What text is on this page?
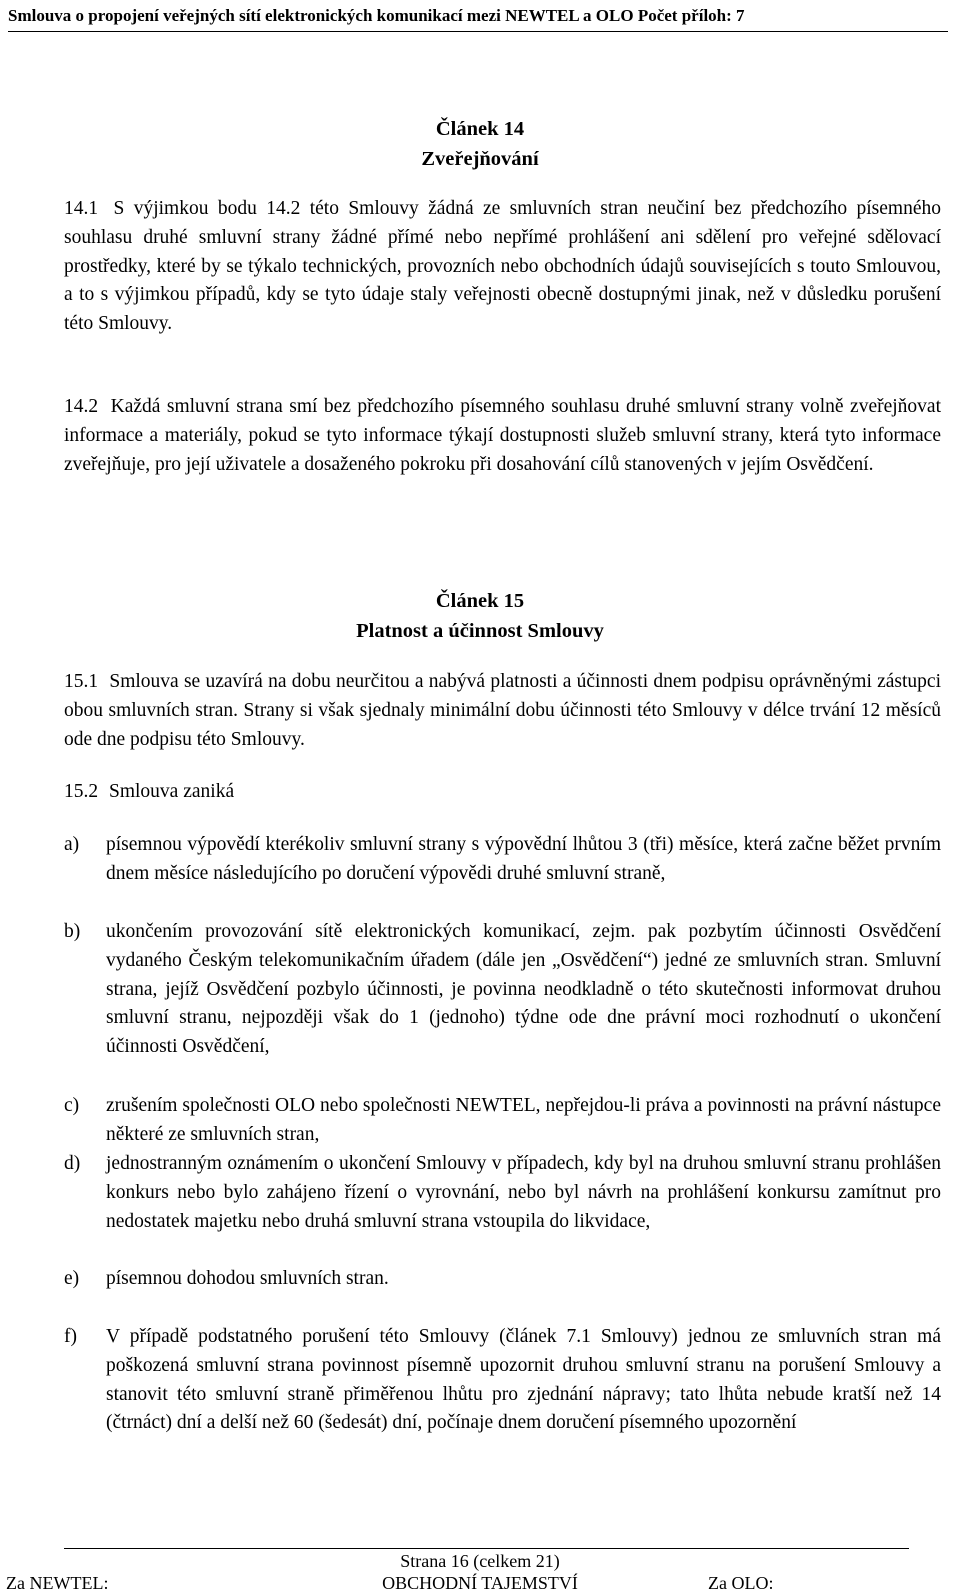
Smlouva o propojení veřejných sítí elektronických komunikací mezi NEWTEL a OLO Počet příloh: 7
Článek 14
Zveřejňování
14.1 S výjimkou bodu 14.2 této Smlouvy žádná ze smluvních stran neučiní bez předchozího písemného souhlasu druhé smluvní strany žádné přímé nebo nepřímé prohlášení ani sdělení pro veřejné sdělovací prostředky, které by se týkalo technických, provozních nebo obchodních údajů souvisejících s touto Smlouvou, a to s výjimkou případů, kdy se tyto údaje staly veřejnosti obecně dostupnými jinak, než v důsledku porušení této Smlouvy.
14.2 Každá smluvní strana smí bez předchozího písemného souhlasu druhé smluvní strany volně zveřejňovat informace a materiály, pokud se tyto informace týkají dostupnosti služeb smluvní strany, která tyto informace zveřejňuje, pro její uživatele a dosaženého pokroku při dosahování cílů stanovených v jejím Osvědčení.
Článek 15
Platnost a účinnost Smlouvy
15.1 Smlouva se uzavírá na dobu neurčitou a nabývá platnosti a účinnosti dnem podpisu oprávněnými zástupci obou smluvních stran. Strany si však sjednaly minimální dobu účinnosti této Smlouvy v délce trvání 12 měsíců ode dne podpisu této Smlouvy.
15.2 Smlouva zaniká
a) písemnou výpovědí kterékoliv smluvní strany s výpovědní lhůtou 3 (tři) měsíce, která začne běžet prvním dnem měsíce následujícího po doručení výpovědi druhé smluvní straně,
b) ukončením provozování sítě elektronických komunikací, zejm. pak pozbytím účinnosti Osvědčení vydaného Českým telekomunikačním úřadem (dále jen „Osvědčení“) jedné ze smluvních stran. Smluvní strana, jejíž Osvědčení pozbylo účinnosti, je povinna neodkladně o této skutečnosti informovat druhou smluvní stranu, nejpozději však do 1 (jednoho) týdne ode dne právní moci rozhodnutí o ukončení účinnosti Osvědčení,
c) zrušením společnosti OLO nebo společnosti NEWTEL, nepřejdou-li práva a povinnosti na právní nástupce některé ze smluvních stran,
d) jednostranným oznámením o ukončení Smlouvy v případech, kdy byl na druhou smluvní stranu prohlášen konkurs nebo bylo zahájeno řízení o vyrovnání, nebo byl návrh na prohlášení konkursu zamítnut pro nedostatek majetku nebo druhá smluvní strana vstoupila do likvidace,
e) písemnou dohodou smluvních stran.
f) V případě podstatného porušení této Smlouvy (článek 7.1 Smlouvy) jednou ze smluvních stran má poškozená smluvní strana povinnost písemně upozornit druhou smluvní stranu na porušení Smlouvy a stanovit této smluvní straně přiměřenou lhůtu pro zjednání nápravy; tato lhůta nebude kratší než 14 (čtrnáct) dní a delší než 60 (šedesát) dní, počínaje dnem doručení písemného upozornění
Strana 16 (celkem 21)
Za NEWTEL:	OBCHODNÍ TAJEMSTVÍ	Za OLO:
